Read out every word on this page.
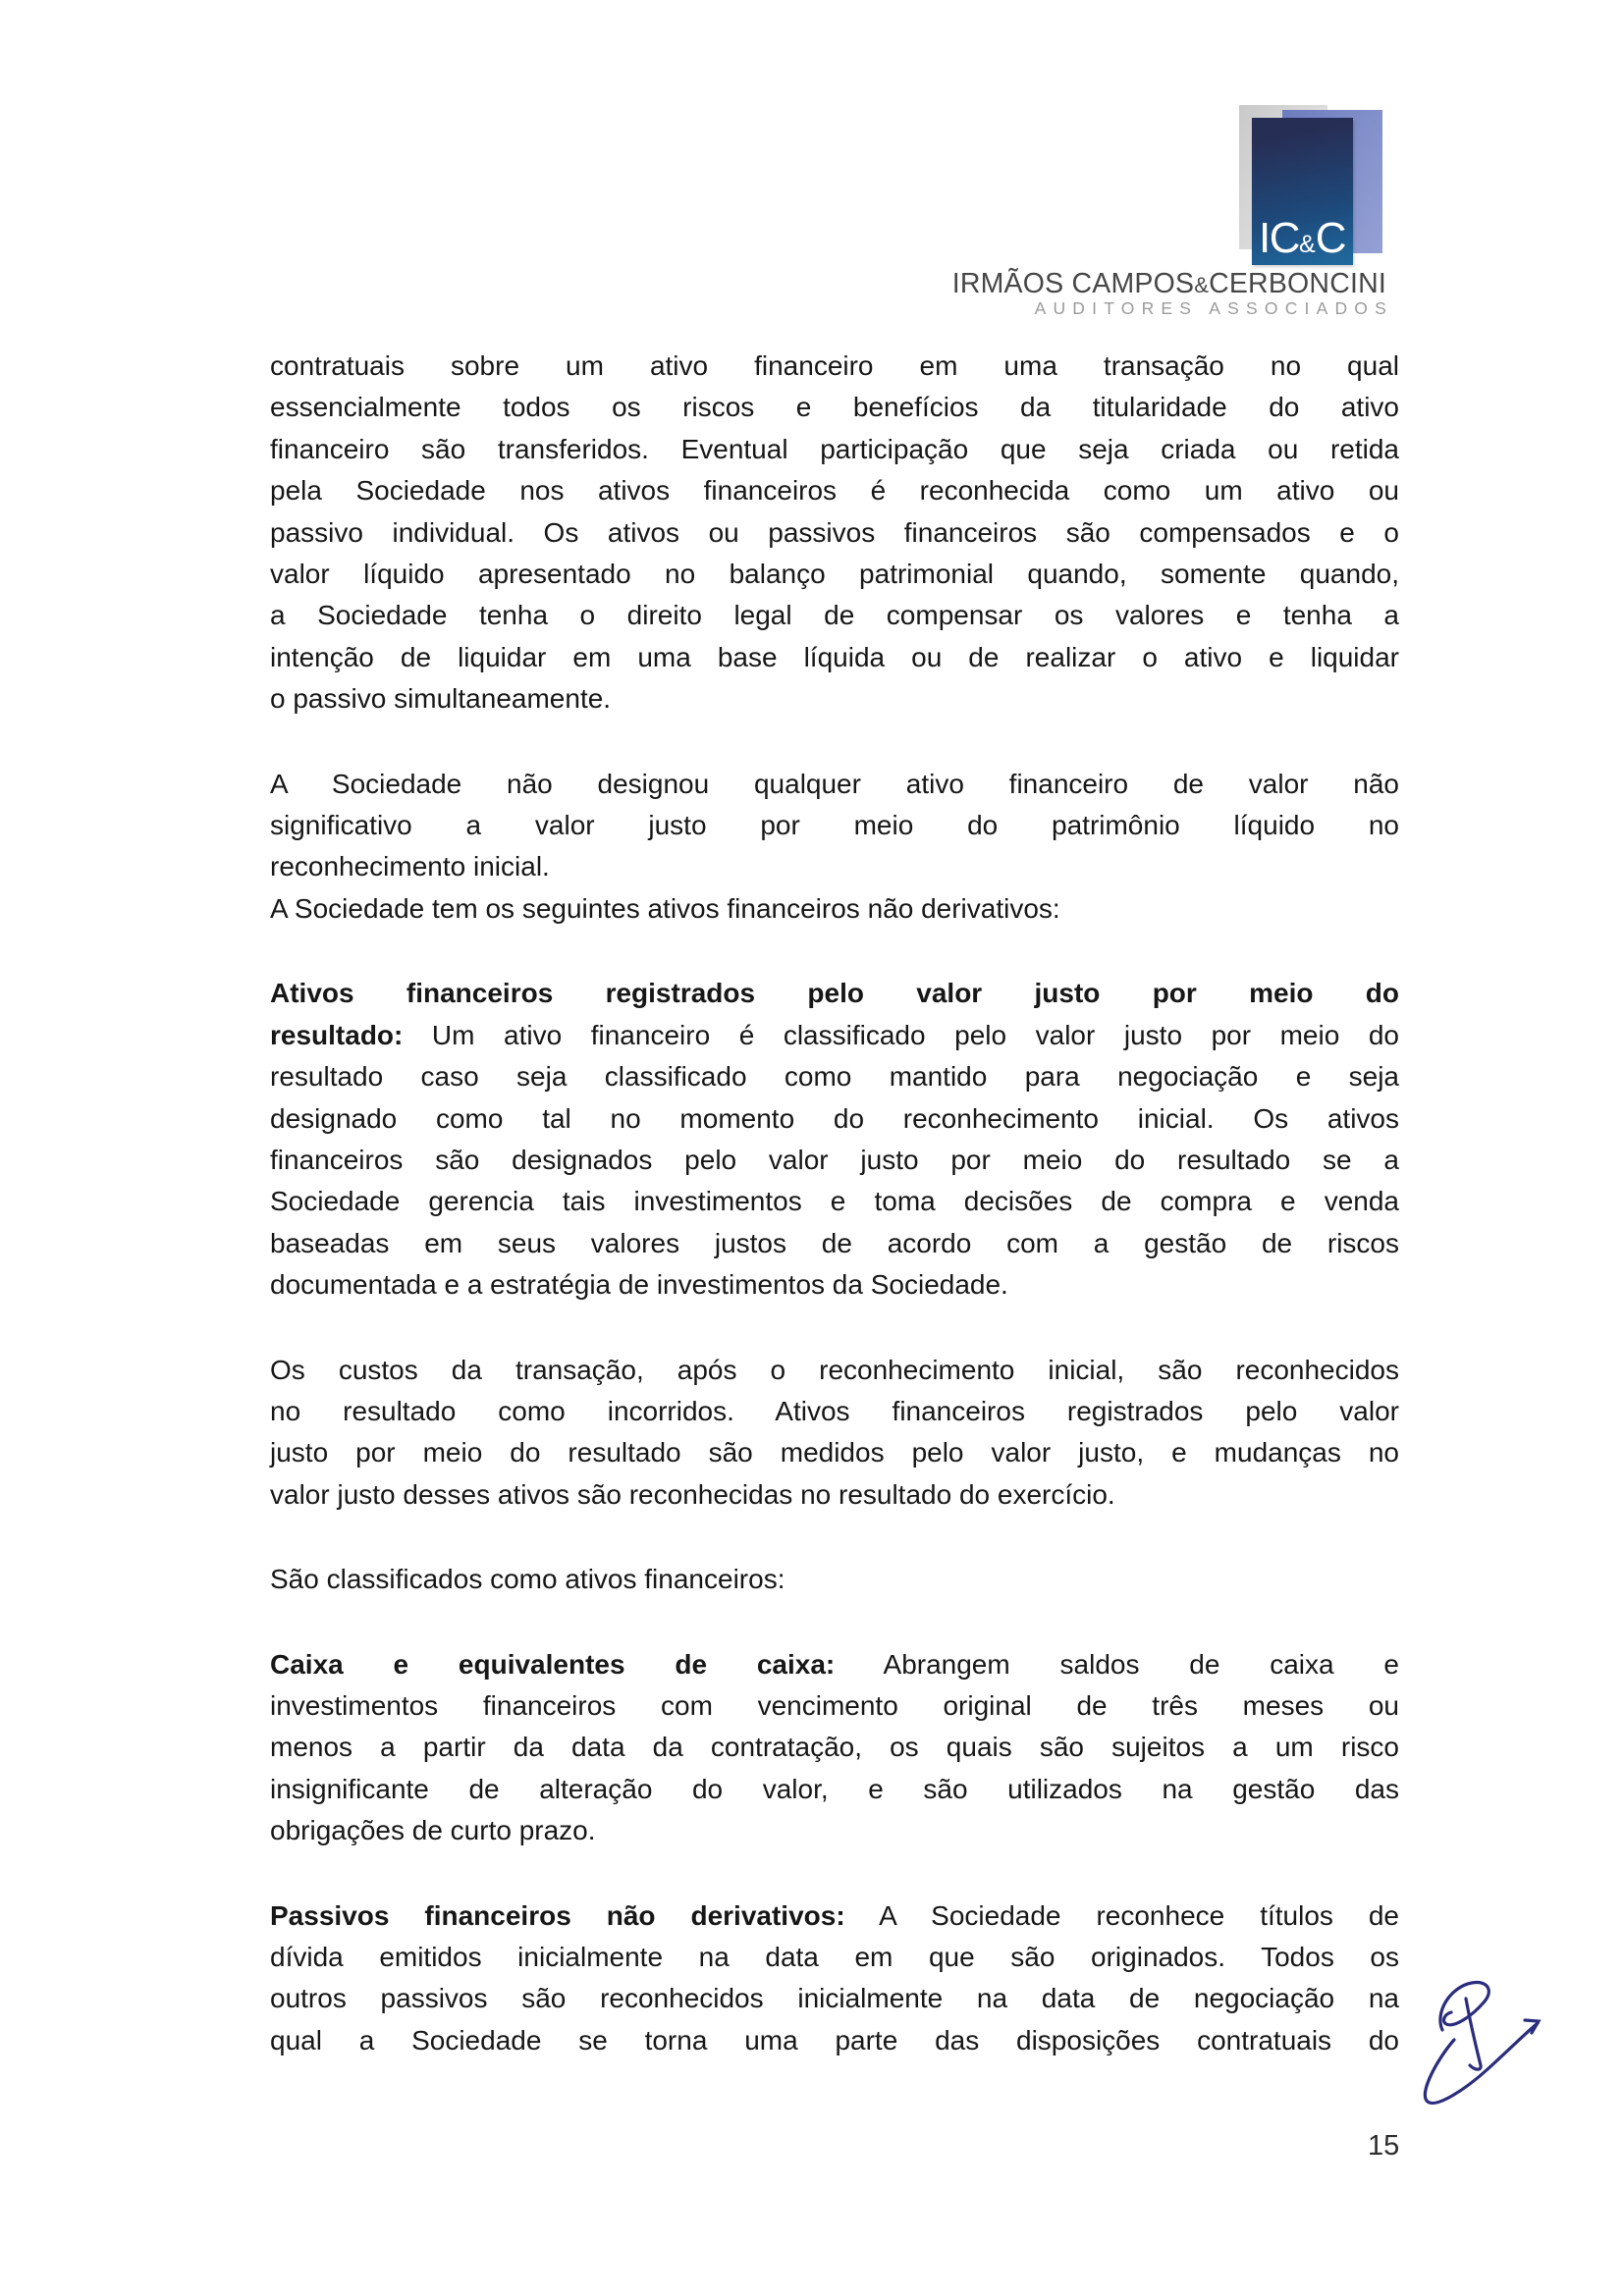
IC&C
IRMÃOS CAMPOS&CERBONCINI
AUDITORES ASSOCIADOS
contratuais sobre um ativo financeiro em uma transação no qual
essencialmente todos os riscos e benefícios da titularidade do ativo
financeiro são transferidos. Eventual participação que seja criada ou retida
pela Sociedade nos ativos financeiros é reconhecida como um ativo ou
passivo individual. Os ativos ou passivos financeiros são compensados e o
valor líquido apresentado no balanço patrimonial quando, somente quando,
a Sociedade tenha o direito legal de compensar os valores e tenha a
intenção de liquidar em uma base líquida ou de realizar o ativo e liquidar
o passivo simultaneamente.
A Sociedade não designou qualquer ativo financeiro de valor não
significativo a valor justo por meio do patrimônio líquido no
reconhecimento inicial.
A Sociedade tem os seguintes ativos financeiros não derivativos:
Ativos financeiros registrados pelo valor justo por meio do
resultado: Um ativo financeiro é classificado pelo valor justo por meio do
resultado caso seja classificado como mantido para negociação e seja
designado como tal no momento do reconhecimento inicial. Os ativos
financeiros são designados pelo valor justo por meio do resultado se a
Sociedade gerencia tais investimentos e toma decisões de compra e venda
baseadas em seus valores justos de acordo com a gestão de riscos
documentada e a estratégia de investimentos da Sociedade.
Os custos da transação, após o reconhecimento inicial, são reconhecidos
no resultado como incorridos. Ativos financeiros registrados pelo valor
justo por meio do resultado são medidos pelo valor justo, e mudanças no
valor justo desses ativos são reconhecidas no resultado do exercício.
São classificados como ativos financeiros:
Caixa e equivalentes de caixa: Abrangem saldos de caixa e
investimentos financeiros com vencimento original de três meses ou
menos a partir da data da contratação, os quais são sujeitos a um risco
insignificante de alteração do valor, e são utilizados na gestão das
obrigações de curto prazo.
Passivos financeiros não derivativos: A Sociedade reconhece títulos de
dívida emitidos inicialmente na data em que são originados. Todos os
outros passivos são reconhecidos inicialmente na data de negociação na
qual a Sociedade se torna uma parte das disposições contratuais do
15
